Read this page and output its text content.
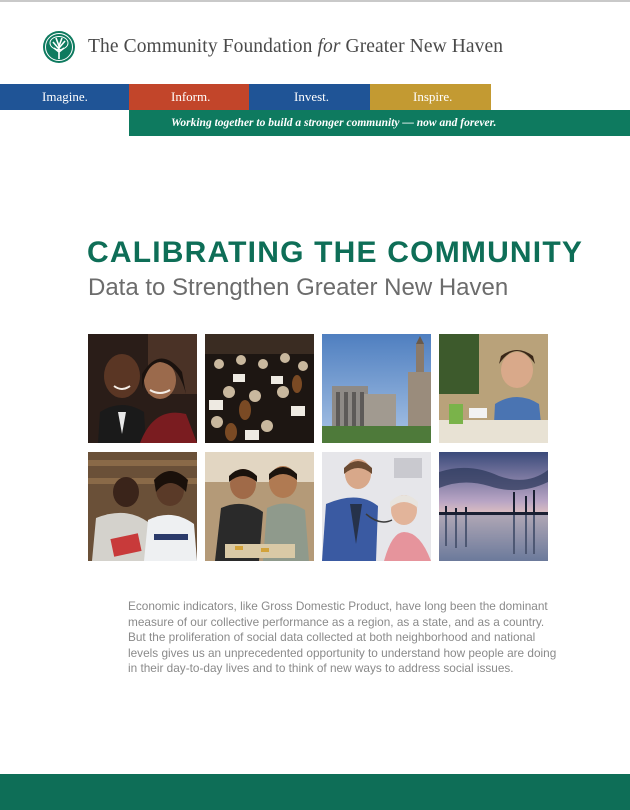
The Community Foundation for Greater New Haven
Imagine.	Inform.	Invest.	Inspire.
Working together to build a stronger community — now and forever.
CALIBRATING THE COMMUNITY
Data to Strengthen Greater New Haven
Economic indicators, like Gross Domestic Product, have long been the dominant measure of our collective performance as a region, as a state, and as a country. But the proliferation of social data collected at both neighborhood and national levels gives us an unprecedented opportunity to understand how people are doing in their day-to-day lives and to think of new ways to address social issues.
